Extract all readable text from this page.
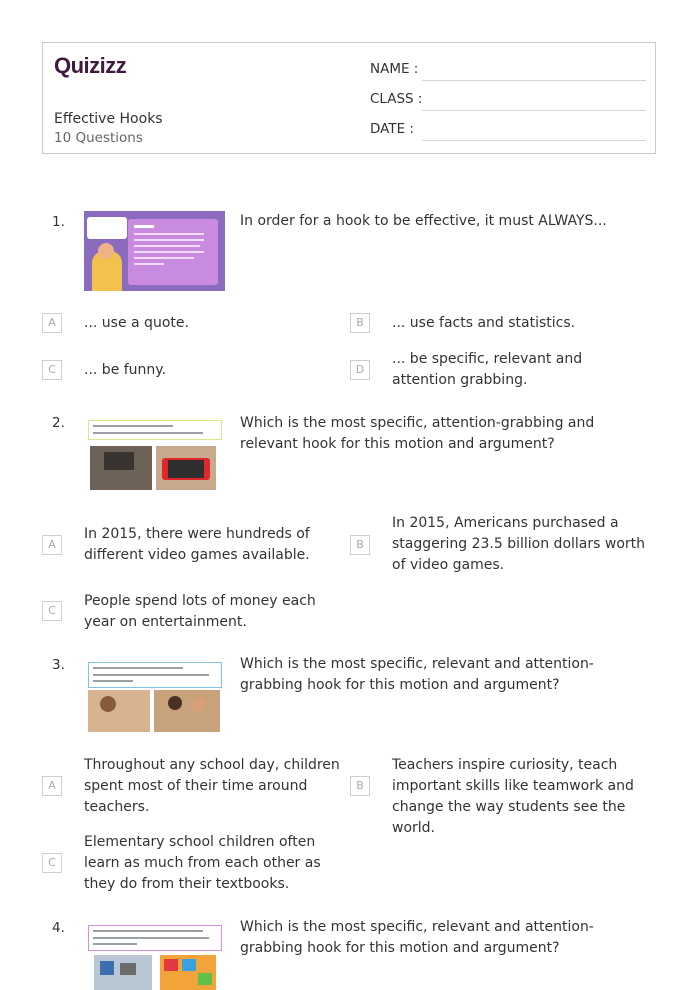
Quizizz
Effective Hooks
10 Questions
NAME :
CLASS :
DATE :
1.	In order for a hook to be effective, it must ALWAYS...
A	... use a quote.	B	... use facts and statistics.
C	... be funny.	D
... be specific, relevant and attention grabbing.
2.	Which is the most specific, attention-grabbing and relevant hook for this motion and argument?
A
In 2015, there were hundreds of different video games available.
B
In 2015, Americans purchased a staggering 23.5 billion dollars worth of video games.
C
People spend lots of money each year on entertainment.
3.	Which is the most specific, relevant and attention-grabbing hook for this motion and argument?
A
Throughout any school day, children spent most of their time around teachers.
B
Teachers inspire curiosity, teach important skills like teamwork and change the way students see the world.
C
Elementary school children often learn as much from each other as they do from their textbooks.
4.	Which is the most specific, relevant and attention-grabbing hook for this motion and argument?
